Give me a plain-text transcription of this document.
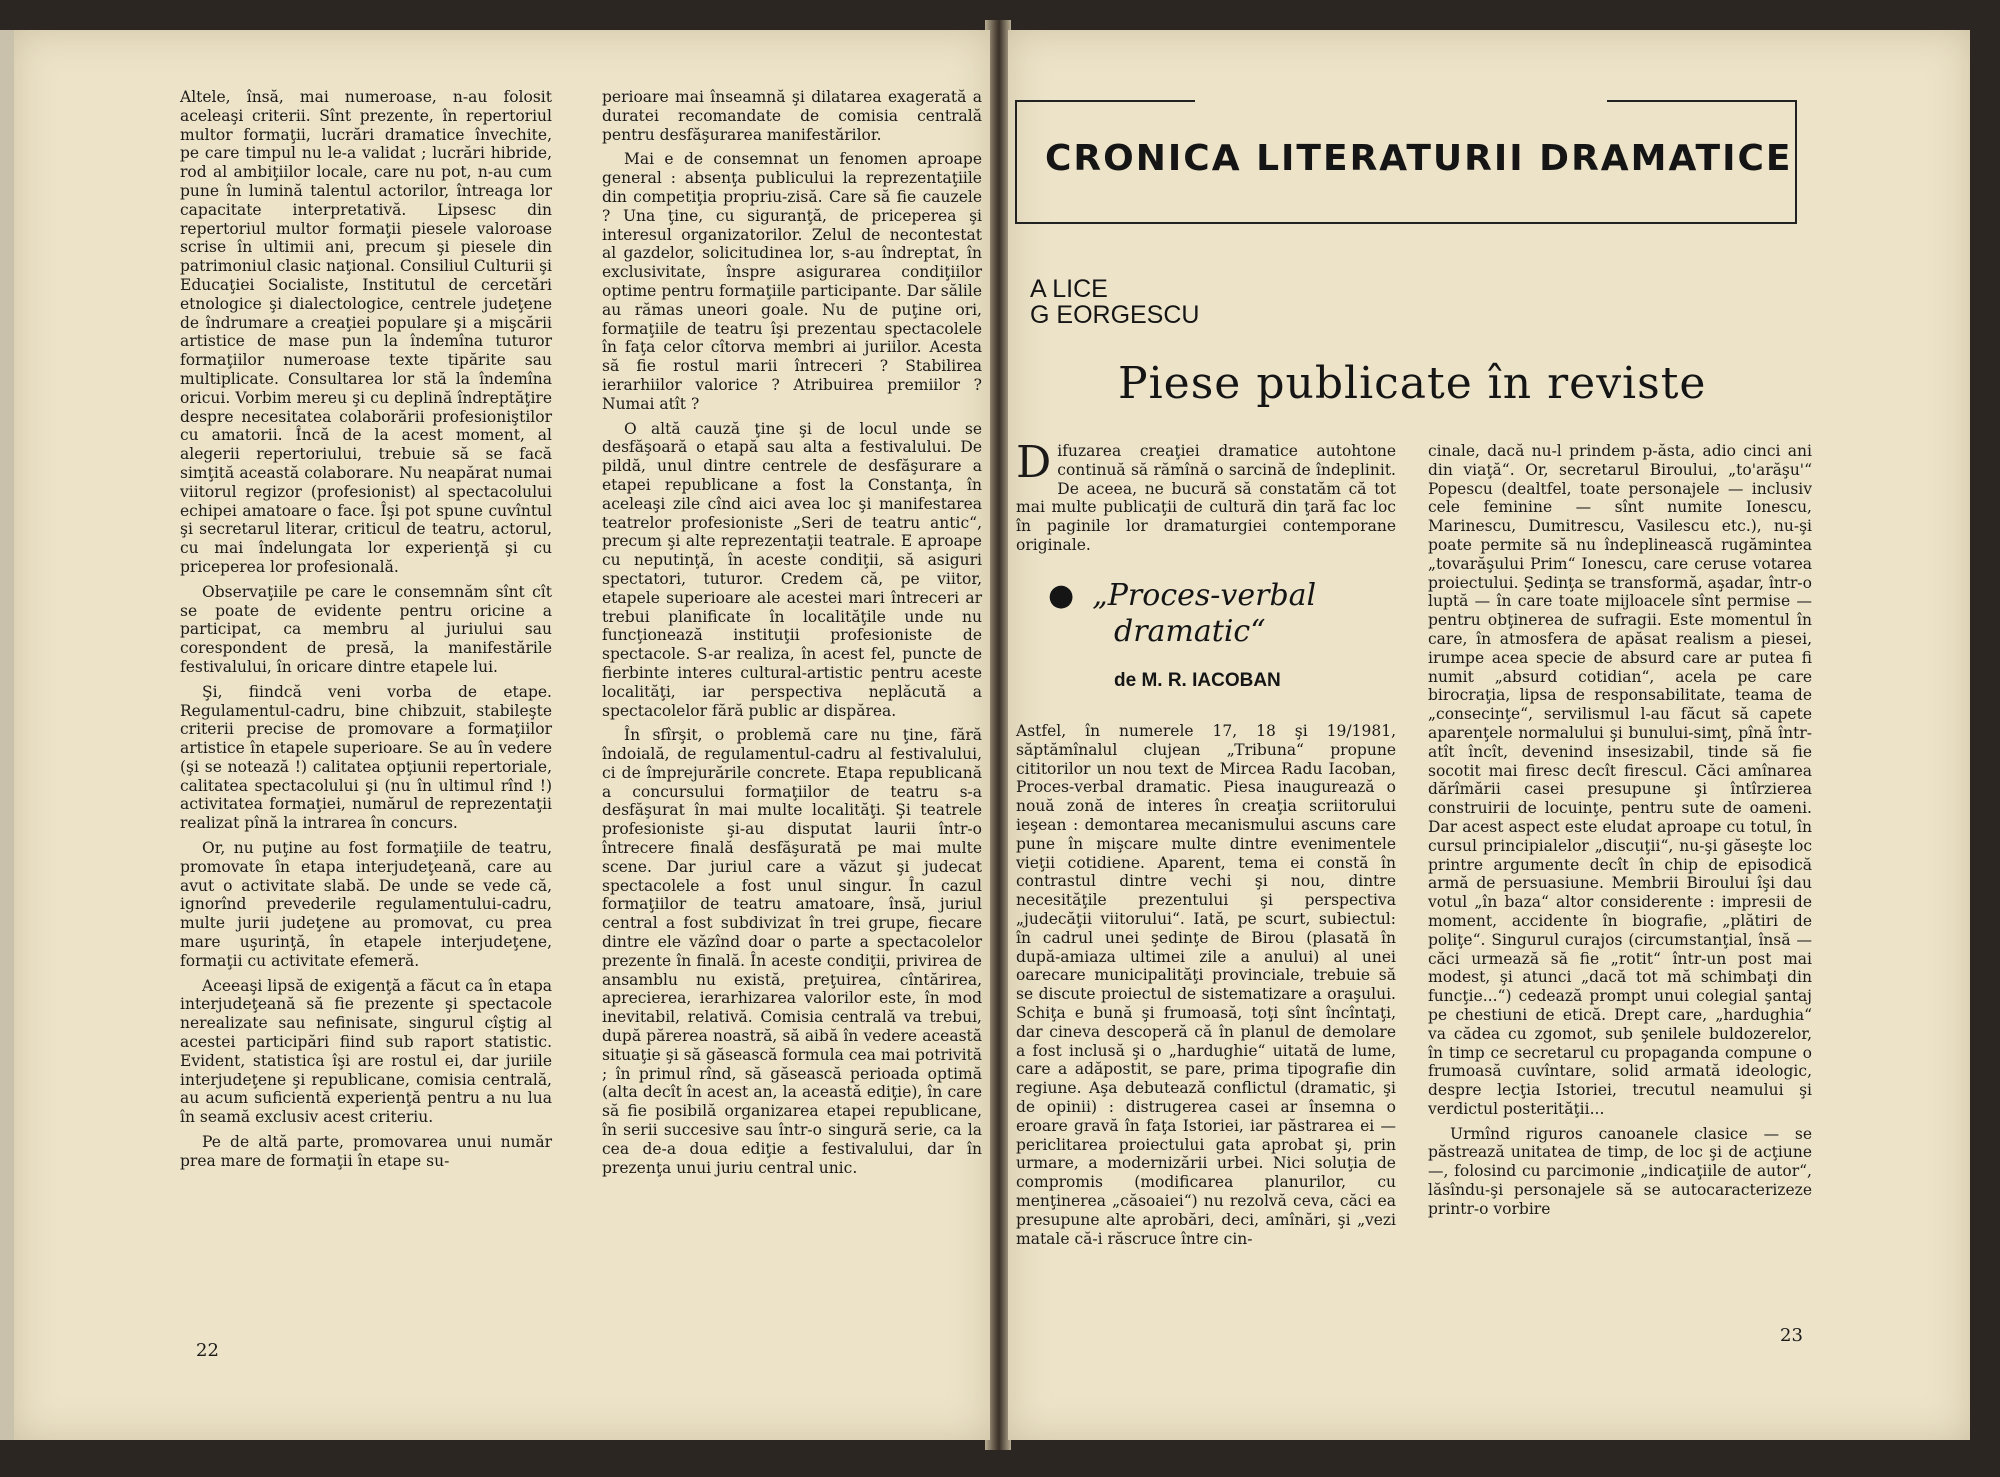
Altele, însă, mai numeroase, n-au folosit aceleaşi criterii. Sînt prezente, în repertoriul multor formaţii, lucrări dramatice învechite, pe care timpul nu le-a validat ; lucrări hibride, rod al ambiţiilor locale, care nu pot, n-au cum pune în lumină talentul actorilor, întreaga lor capacitate interpretativă. Lipsesc din repertoriul multor formaţii piesele valoroase scrise în ultimii ani, precum şi piesele din patrimoniul clasic naţional. Consiliul Culturii şi Educaţiei Socialiste, Institutul de cercetări etnologice şi dialectologice, centrele judeţene de îndrumare a creaţiei populare şi a mişcării artistice de mase pun la îndemîna tuturor formaţiilor numeroase texte tipărite sau multiplicate. Consultarea lor stă la îndemîna oricui. Vorbim mereu şi cu deplină îndreptăţire despre necesitatea colaborării profesioniştilor cu amatorii. Încă de la acest moment, al alegerii repertoriului, trebuie să se facă simţită această colaborare. Nu neapărat numai viitorul regizor (profesionist) al spectacolului echipei amatoare o face. Îşi pot spune cuvîntul şi secretarul literar, criticul de teatru, actorul, cu mai îndelungata lor experienţă şi cu priceperea lor profesională.

Observaţiile pe care le consemnăm sînt cît se poate de evidente pentru oricine a participat, ca membru al juriului sau corespondent de presă, la manifestările festivalului, în oricare dintre etapele lui.

Şi, fiindcă veni vorba de etape. Regulamentul-cadru, bine chibzuit, stabileşte criterii precise de promovare a formaţiilor artistice în etapele superioare. Se au în vedere (şi se notează !) calitatea opţiunii repertoriale, calitatea spectacolului şi (nu în ultimul rînd !) activitatea formaţiei, numărul de reprezentaţii realizat pînă la intrarea în concurs.

Or, nu puţine au fost formaţiile de teatru, promovate în etapa interjudeţeană, care au avut o activitate slabă. De unde se vede că, ignorînd prevederile regulamentului-cadru, multe jurii judeţene au promovat, cu prea mare uşurinţă, în etapele interjudeţene, formaţii cu activitate efemeră.

Aceeaşi lipsă de exigenţă a făcut ca în etapa interjudeţeană să fie prezente şi spectacole nerealizate sau nefinisate, singurul cîştig al acestei participări fiind sub raport statistic. Evident, statistica îşi are rostul ei, dar juriile interjudeţene şi republicane, comisia centrală, au acum suficientă experienţă pentru a nu lua în seamă exclusiv acest criteriu.

Pe de altă parte, promovarea unui număr prea mare de formaţii în etape su-

perioare mai înseamnă şi dilatarea exagerată a duratei recomandate de comisia centrală pentru desfăşurarea manifestărilor.

Mai e de consemnat un fenomen aproape general : absenţa publicului la reprezentaţiile din competiţia propriu-zisă. Care să fie cauzele ? Una ţine, cu siguranţă, de priceperea şi interesul organizatorilor. Zelul de necontestat al gazdelor, solicitudinea lor, s-au îndreptat, în exclusivitate, înspre asigurarea condiţiilor optime pentru formaţiile participante. Dar sălile au rămas uneori goale. Nu de puţine ori, formaţiile de teatru îşi prezentau spectacolele în faţa celor cîtorva membri ai juriilor. Acesta să fie rostul marii întreceri ? Stabilirea ierarhiilor valorice ? Atribuirea premiilor ? Numai atît ?

O altă cauză ţine şi de locul unde se desfăşoară o etapă sau alta a festivalului. De pildă, unul dintre centrele de desfăşurare a etapei republicane a fost la Constanţa, în aceleaşi zile cînd aici avea loc şi manifestarea teatrelor profesioniste „Seri de teatru antic“, precum şi alte reprezentaţii teatrale. E aproape cu neputinţă, în aceste condiţii, să asiguri spectatori, tuturor. Credem că, pe viitor, etapele superioare ale acestei mari întreceri ar trebui planificate în localităţile unde nu funcţionează instituţii profesioniste de spectacole. S-ar realiza, în acest fel, puncte de fierbinte interes cultural-artistic pentru aceste localităţi, iar perspectiva neplăcută a spectacolelor fără public ar dispărea.

În sfîrşit, o problemă care nu ţine, fără îndoială, de regulamentul-cadru al festivalului, ci de împrejurările concrete. Etapa republicană a concursului formaţiilor de teatru s-a desfăşurat în mai multe localităţi. Şi teatrele profesioniste şi-au disputat laurii într-o întrecere finală desfăşurată pe mai multe scene. Dar juriul care a văzut şi judecat spectacolele a fost unul singur. În cazul formaţiilor de teatru amatoare, însă, juriul central a fost subdivizat în trei grupe, fiecare dintre ele văzînd doar o parte a spectacolelor prezente în finală. În aceste condiţii, privirea de ansamblu nu există, preţuirea, cîntărirea, aprecierea, ierarhizarea valorilor este, în mod inevitabil, relativă. Comisia centrală va trebui, după părerea noastră, să aibă în vedere această situaţie şi să găsească formula cea mai potrivită ; în primul rînd, să găsească perioada optimă (alta decît în acest an, la această ediţie), în care să fie posibilă organizarea etapei republicane, în serii succesive sau într-o singură serie, ca la cea de-a doua ediţie a festivalului, dar în prezenţa unui juriu central unic.

22
CRONICA LITERATURII DRAMATICE
A LICE
G EORGESCU
Piese publicate în reviste
D ifuzarea creaţiei dramatice autohtone continuă să rămînă o sarcină de îndeplinit. De aceea, ne bucură să constatăm că tot mai multe publicaţii de cultură din ţară fac loc în paginile lor dramaturgiei contemporane originale.
● „Proces-verbal
dramatic“
de M. R. IACOBAN

Astfel, în numerele 17, 18 şi 19/1981, săptămînalul clujean „Tribuna“ propune cititorilor un nou text de Mircea Radu Iacoban, Proces-verbal dramatic. Piesa inaugurează o nouă zonă de interes în creaţia scriitorului ieşean : demontarea mecanismului ascuns care pune în mişcare multe dintre evenimentele vieţii cotidiene. Aparent, tema ei constă în contrastul dintre vechi şi nou, dintre necesităţile prezentului şi perspectiva „judecăţii viitorului“. Iată, pe scurt, subiectul: în cadrul unei şedinţe de Birou (plasată în după-amiaza ultimei zile a anului) al unei oarecare municipalităţi provinciale, trebuie să se discute proiectul de sistematizare a oraşului. Schiţa e bună şi frumoasă, toţi sînt încîntaţi, dar cineva descoperă că în planul de demolare a fost inclusă şi o „hardughie“ uitată de lume, care a adăpostit, se pare, prima tipografie din regiune. Aşa debutează conflictul (dramatic, şi de opinii) : distrugerea casei ar însemna o eroare gravă în faţa Istoriei, iar păstrarea ei — periclitarea proiectului gata aprobat şi, prin urmare, a modernizării urbei. Nici soluţia de compromis (modificarea planurilor, cu menţinerea „căsoaiei“) nu rezolvă ceva, căci ea presupune alte aprobări, deci, amînări, şi „vezi matale că-i răscruce între cin-

cinale, dacă nu-l prindem p-ăsta, adio cinci ani din viaţă“. Or, secretarul Biroului, „to'arăşu'“ Popescu (dealtfel, toate personajele — inclusiv cele feminine — sînt numite Ionescu, Marinescu, Dumitrescu, Vasilescu etc.), nu-şi poate permite să nu îndeplinească rugămintea „tovarăşului Prim“ Ionescu, care ceruse votarea proiectului. Şedinţa se transformă, aşadar, într-o luptă — în care toate mijloacele sînt permise — pentru obţinerea de sufragii. Este momentul în care, în atmosfera de apăsat realism a piesei, irumpe acea specie de absurd care ar putea fi numit „absurd cotidian“, acela pe care birocraţia, lipsa de responsabilitate, teama de „consecinţe“, servilismul l-au făcut să capete aparenţele normalului şi bunului-simţ, pînă într-atît încît, devenind insesizabil, tinde să fie socotit mai firesc decît firescul. Căci amînarea dărîmării casei presupune şi întîrzierea construirii de locuinţe, pentru sute de oameni. Dar acest aspect este eludat aproape cu totul, în cursul principialelor „discuţii“, nu-şi găseşte loc printre argumente decît în chip de episodică armă de persuasiune. Membrii Biroului îşi dau votul „în baza“ altor considerente : impresii de moment, accidente în biografie, „plătiri de poliţe“. Singurul curajos (circumstanţial, însă — căci urmează să fie „rotit“ într-un post mai modest, şi atunci „dacă tot mă schimbaţi din funcţie...“) cedează prompt unui colegial şantaj pe chestiuni de etică. Drept care, „hardughia“ va cădea cu zgomot, sub şenilele buldozerelor, în timp ce secretarul cu propaganda compune o frumoasă cuvîntare, solid armată ideologic, despre lecţia Istoriei, trecutul neamului şi verdictul posterităţii...

Urmînd riguros canoanele clasice — se păstrează unitatea de timp, de loc şi de acţiune —, folosind cu parcimonie „indicaţiile de autor“, lăsîndu-şi personajele să se autocaracterizeze printr-o vorbire

23
